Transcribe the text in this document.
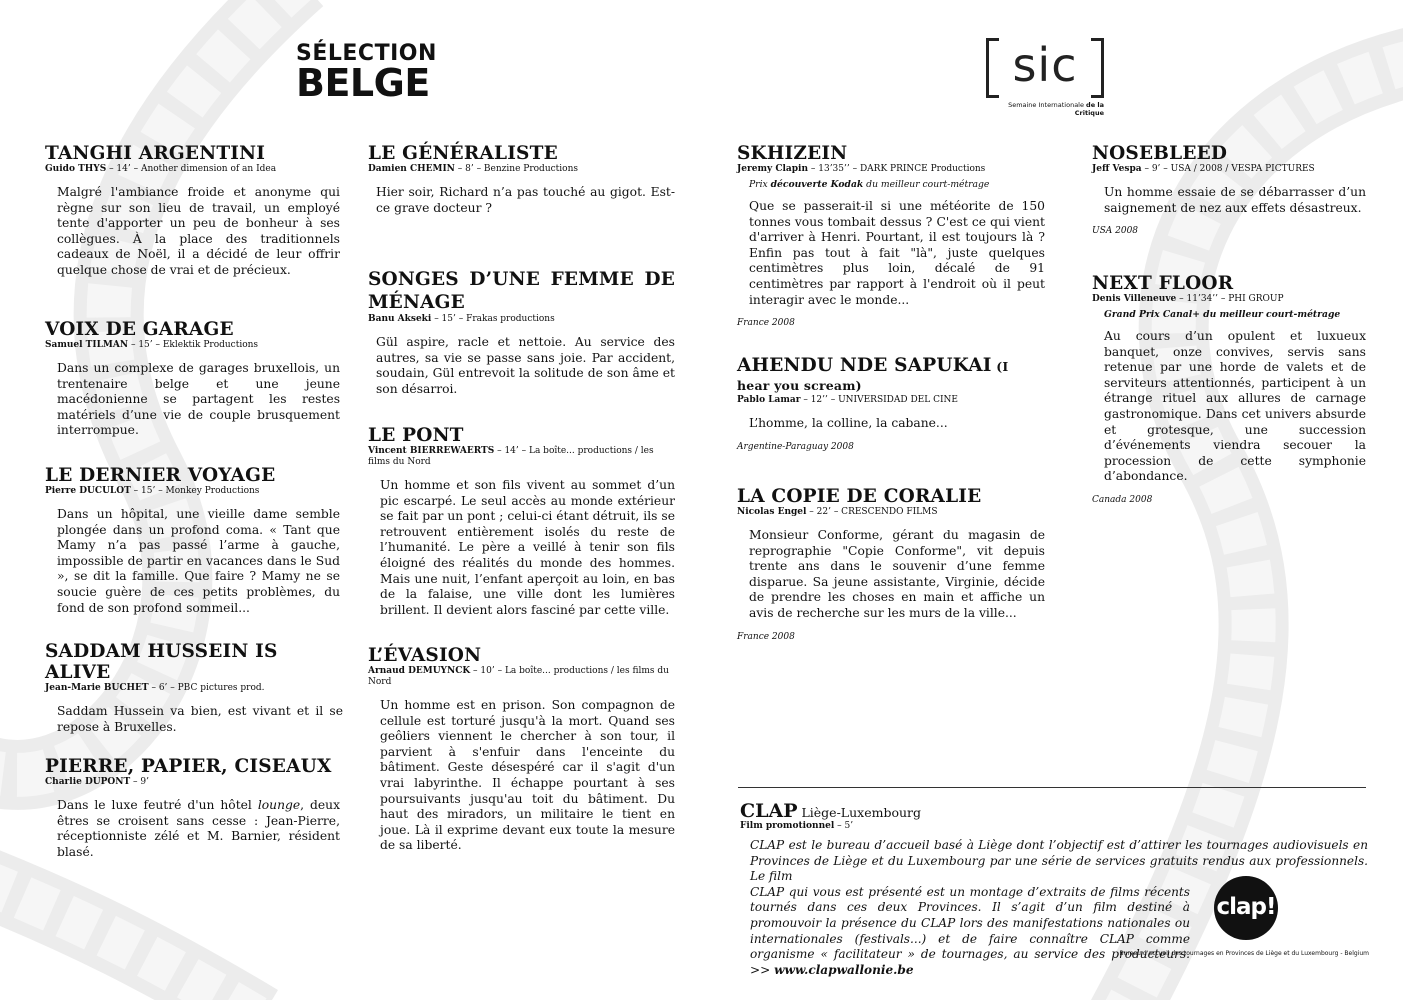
SÉLECTION
BELGE	sic
Semaine Internationale de la Critique
TANGHI ARGENTINI
Guido THYS – 14’ – Another dimension of an Idea
Malgré l'ambiance froide et anonyme qui règne sur son lieu de travail, un employé tente d'apporter un peu de bonheur à ses collègues. À la place des traditionnels cadeaux de Noël, il a décidé de leur offrir quelque chose de vrai et de précieux.
VOIX DE GARAGE
Samuel TILMAN – 15’ – Eklektik Productions
Dans un complexe de garages bruxellois, un trentenaire belge et une jeune macédonienne se partagent les restes matériels d’une vie de couple brusquement interrompue.
LE DERNIER VOYAGE
Pierre DUCULOT – 15’ – Monkey Productions
Dans un hôpital, une vieille dame semble plongée dans un profond coma. « Tant que Mamy n’a pas passé l’arme à gauche, impossible de partir en vacances dans le Sud », se dit la famille. Que faire ? Mamy ne se soucie guère de ces petits problèmes, du fond de son profond sommeil...
SADDAM HUSSEIN IS ALIVE
Jean-Marie BUCHET – 6’ – PBC pictures prod.
Saddam Hussein va bien, est vivant et il se repose à Bruxelles.
PIERRE, PAPIER, CISEAUX
Charlie DUPONT – 9’
Dans le luxe feutré d'un hôtel lounge, deux êtres se croisent sans cesse : Jean-Pierre, réceptionniste zélé et M. Barnier, résident blasé.
LE GÉNÉRALISTE
Damien CHEMIN – 8’ – Benzine Productions
Hier soir, Richard n’a pas touché au gigot. Est-ce grave docteur ?
SONGES D’UNE FEMME DE MÉNAGE
Banu Akseki – 15’ – Frakas productions
Gül aspire, racle et nettoie. Au service des autres, sa vie se passe sans joie. Par accident, soudain, Gül entrevoit la solitude de son âme et son désarroi.
LE PONT
Vincent BIERREWAERTS – 14’ – La boîte... productions / les films du Nord
Un homme et son fils vivent au sommet d’un pic escarpé. Le seul accès au monde extérieur se fait par un pont ; celui-ci étant détruit, ils se retrouvent entièrement isolés du reste de l’humanité. Le père a veillé à tenir son fils éloigné des réalités du monde des hommes. Mais une nuit, l’enfant aperçoit au loin, en bas de la falaise, une ville dont les lumières brillent. Il devient alors fasciné par cette ville.
L’ÉVASION
Arnaud DEMUYNCK – 10’ – La boîte... productions / les films du Nord
Un homme est en prison. Son compagnon de cellule est torturé jusqu'à la mort. Quand ses geôliers viennent le chercher à son tour, il parvient à s'enfuir dans l'enceinte du bâtiment. Geste désespéré car il s'agit d'un vrai labyrinthe. Il échappe pourtant à ses poursuivants jusqu'au toit du bâtiment. Du haut des miradors, un militaire le tient en joue. Là il exprime devant eux toute la mesure de sa liberté.
SKHIZEIN
Jeremy Clapin – 13’35’’ – DARK PRINCE Productions
Prix découverte Kodak du meilleur court-métrage
Que se passerait-il si une météorite de 150 tonnes vous tombait dessus ? C'est ce qui vient d'arriver à Henri. Pourtant, il est toujours là ? Enfin pas tout à fait "là", juste quelques centimètres plus loin, décalé de 91 centimètres par rapport à l'endroit où il peut interagir avec le monde...
France 2008
AHENDU NDE SAPUKAI (I hear you scream)
Pablo Lamar – 12’’ – UNIVERSIDAD DEL CINE
L’homme, la colline, la cabane...
Argentine-Paraguay 2008
LA COPIE DE CORALIE
Nicolas Engel – 22’ – CRESCENDO FILMS
Monsieur Conforme, gérant du magasin de reprographie "Copie Conforme", vit depuis trente ans dans le souvenir d’une femme disparue. Sa jeune assistante, Virginie, décide de prendre les choses en main et affiche un avis de recherche sur les murs de la ville...
France 2008
NOSEBLEED
Jeff Vespa – 9’ – USA / 2008 / VESPA PICTURES
Un homme essaie de se débarrasser d’un saignement de nez aux effets désastreux.
USA 2008
NEXT FLOOR
Denis Villeneuve – 11’34’’ – PHI GROUP
Grand Prix Canal+ du meilleur court-métrage
Au cours d’un opulent et luxueux banquet, onze convives, servis sans retenue par une horde de valets et de serviteurs attentionnés, participent à un étrange rituel aux allures de carnage gastronomique. Dans cet univers absurde et grotesque, une succession d’événements viendra secouer la procession de cette symphonie d’abondance.
Canada 2008
CLAP Liège-Luxembourg
Film promotionnel – 5’
CLAP est le bureau d’accueil basé à Liège dont l’objectif est d’attirer les tournages audiovisuels en Provinces de Liège et du Luxembourg par une série de services gratuits rendus aux professionnels. Le film
CLAP qui vous est présenté est un montage d’extraits de films récents tournés dans ces deux Provinces. Il s’agit d’un film destiné à promouvoir la présence du CLAP lors des manifestations nationales ou internationales (festivals...) et de faire connaître CLAP comme organisme « facilitateur » de tournages, au service des producteurs. >> www.clapwallonie.be
clap!
Bureau d'accueil des tournages en Provinces de Liège et du Luxembourg - Belgium
